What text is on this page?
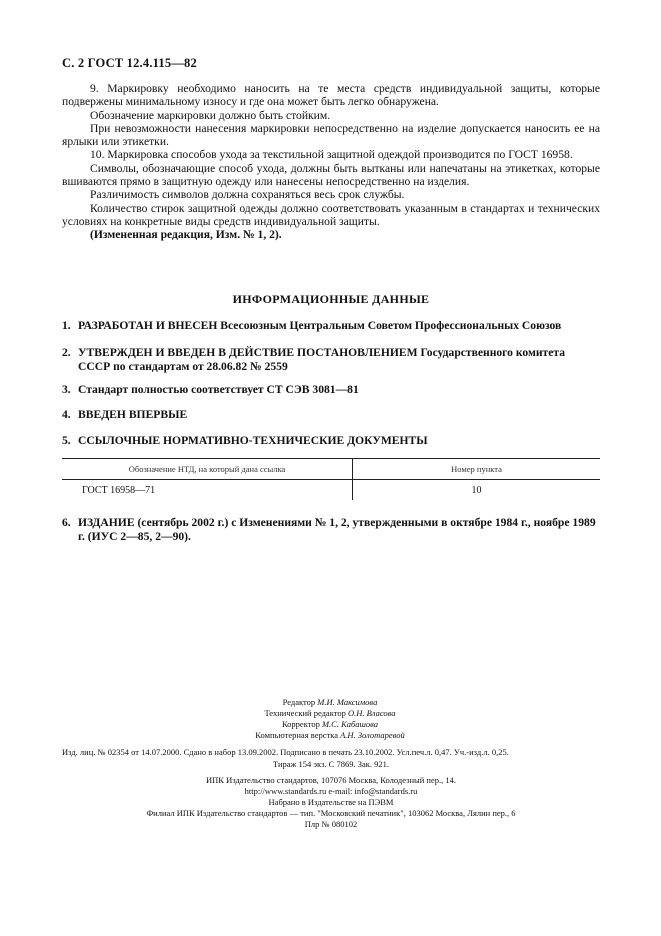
С. 2 ГОСТ 12.4.115—82

9. Маркировку необходимо наносить на те места средств индивидуальной защиты, которые подвержены минимальному износу и где она может быть легко обнаружена.

Обозначение маркировки должно быть стойким.

При невозможности нанесения маркировки непосредственно на изделие допускается наносить ее на ярлыки или этикетки.

10. Маркировка способов ухода за текстильной защитной одеждой производится по ГОСТ 16958.

Символы, обозначающие способ ухода, должны быть вытканы или напечатаны на этикетках, которые вшиваются прямо в защитную одежду или нанесены непосредственно на изделия.

Различимость символов должна сохраняться весь срок службы.

Количество стирок защитной одежды должно соответствовать указанным в стандартах и технических условиях на конкретные виды средств индивидуальной защиты.

(Измененная редакция, Изм. № 1, 2).

ИНФОРМАЦИОННЫЕ ДАННЫЕ
1. РАЗРАБОТАН И ВНЕСЕН Всесоюзным Центральным Советом Профессиональных Союзов
2. УТВЕРЖДЕН И ВВЕДЕН В ДЕЙСТВИЕ ПОСТАНОВЛЕНИЕМ Государственного комитета СССР по стандартам от 28.06.82 № 2559
3. Стандарт полностью соответствует СТ СЭВ 3081—81
4. ВВЕДЕН ВПЕРВЫЕ
5. ССЫЛОЧНЫЕ НОРМАТИВНО-ТЕХНИЧЕСКИЕ ДОКУМЕНТЫ
Обозначение НТД, на который дана ссылка	Номер пункта
ГОСТ 16958—71	10
6. ИЗДАНИЕ (сентябрь 2002 г.) с Изменениями № 1, 2, утвержденными в октябре 1984 г., ноябре 1989 г. (ИУС 2—85, 2—90).
Редактор М.И. Максимова
Технический редактор О.Н. Власова
Корректор М.С. Кабашова
Компьютерная верстка А.Н. Золотаревой
Изд. лиц. № 02354 от 14.07.2000. Сдано в набор 13.09.2002. Подписано в печать 23.10.2002. Усл.печ.л. 0,47. Уч.-изд.л. 0,25.
Тираж 154 экз. С 7869. Зак. 921.
ИПК Издательство стандартов, 107076 Москва, Колодезный пер., 14.
http://www.standards.ru e-mail: info@standards.ru
Набрано в Издательстве на ПЭВМ
Филиал ИПК Издательство стандартов — тип. "Московский печатник", 103062 Москва, Лялин пер., 6
Плр № 080102
